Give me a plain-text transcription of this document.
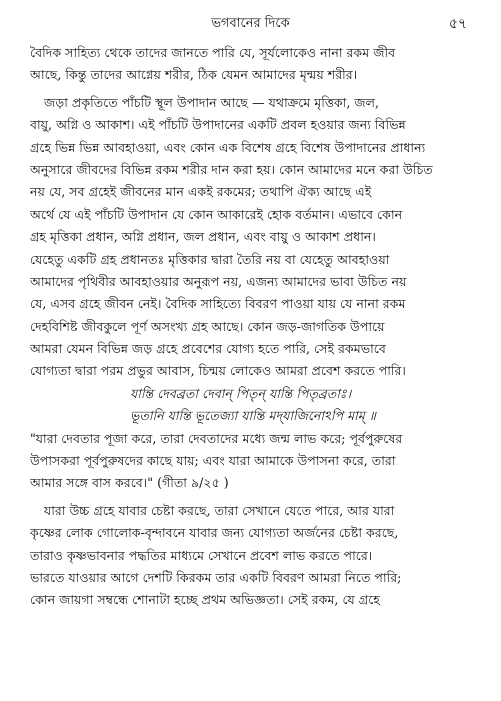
ভগবানের দিকে	৫৭
বৈদিক সাহিত্য থেকে তাদের জানতে পারি যে, সূর্যলোকেও নানা রকম জীব
আছে, কিন্তু তাদের আগ্নেয় শরীর, ঠিক যেমন আমাদের মৃন্ময় শরীর।
জড়া প্রকৃতিতে পাঁচটি স্থূল উপাদান আছে — যথাক্রমে মৃত্তিকা, জল,
বায়ু, অগ্নি ও আকাশ। এই পাঁচটি উপাদানের একটি প্রবল হওয়ার জন্য বিভিন্ন
গ্রহে ভিন্ন ভিন্ন আবহাওয়া, এবং কোন এক বিশেষ গ্রহে বিশেষ উপাদানের প্রাধান্য
অনুসারে জীবদের বিভিন্ন রকম শরীর দান করা হয়। কোন আমাদের মনে করা উচিত
নয় যে, সব গ্রহেই জীবনের মান একই রকমের; তথাপি ঐক্য আছে এই
অর্থে যে এই পাঁচটি উপাদান যে কোন আকারেই হোক বর্তমান। এভাবে কোন
গ্রহ মৃত্তিকা প্রধান, অগ্নি প্রধান, জল প্রধান, এবং বায়ু ও আকাশ প্রধান।
যেহেতু একটি গ্রহ প্রধানতঃ মৃত্তিকার দ্বারা তৈরি নয় বা যেহেতু আবহাওয়া
আমাদের পৃথিবীর আবহাওয়ার অনুরূপ নয়, এজন্য আমাদের ভাবা উচিত নয়
যে, এসব গ্রহে জীবন নেই। বৈদিক সাহিত্যে বিবরণ পাওয়া যায় যে নানা রকম
দেহবিশিষ্ট জীবকুলে পূর্ণ অসংখ্য গ্রহ আছে। কোন জড়-জাগতিক উপায়ে
আমরা যেমন বিভিন্ন জড় গ্রহে প্রবেশের যোগ্য হতে পারি, সেই রকমভাবে
যোগ্যতা দ্বারা পরম প্রভুর আবাস, চিন্ময় লোকেও আমরা প্রবেশ করতে পারি।
যান্তি দেবব্রতা দেবান্ পিতৃন্ যান্তি পিতৃব্রতাঃ।
ভূতানি যান্তি ভূতেজ্যা যান্তি মদ্‌যাজিনোঽপি মাম্ ॥
"যারা দেবতার পূজা করে, তারা দেবতাদের মধ্যে জন্ম লাভ করে; পূর্বপুরুষের
উপাসকরা পূর্বপুরুষদের কাছে যায়; এবং যারা আমাকে উপাসনা করে, তারা
আমার সঙ্গে বাস করবে।" (গীতা ৯/২৫ )
যারা উচ্চ গ্রহে যাবার চেষ্টা করছে, তারা সেখানে যেতে পারে, আর যারা
কৃষ্ণের লোক গোলোক-বৃন্দাবনে যাবার জন্য যোগ্যতা অর্জনের চেষ্টা করছে,
তারাও কৃষ্ণভাবনার পদ্ধতির মাধ্যমে সেখানে প্রবেশ লাভ করতে পারে।
ভারতে যাওয়ার আগে দেশটি কিরকম তার একটি বিবরণ আমরা নিতে পারি;
কোন জায়গা সম্বন্ধে শোনাটা হচ্ছে প্রথম অভিজ্ঞতা। সেই রকম, যে গ্রহে
